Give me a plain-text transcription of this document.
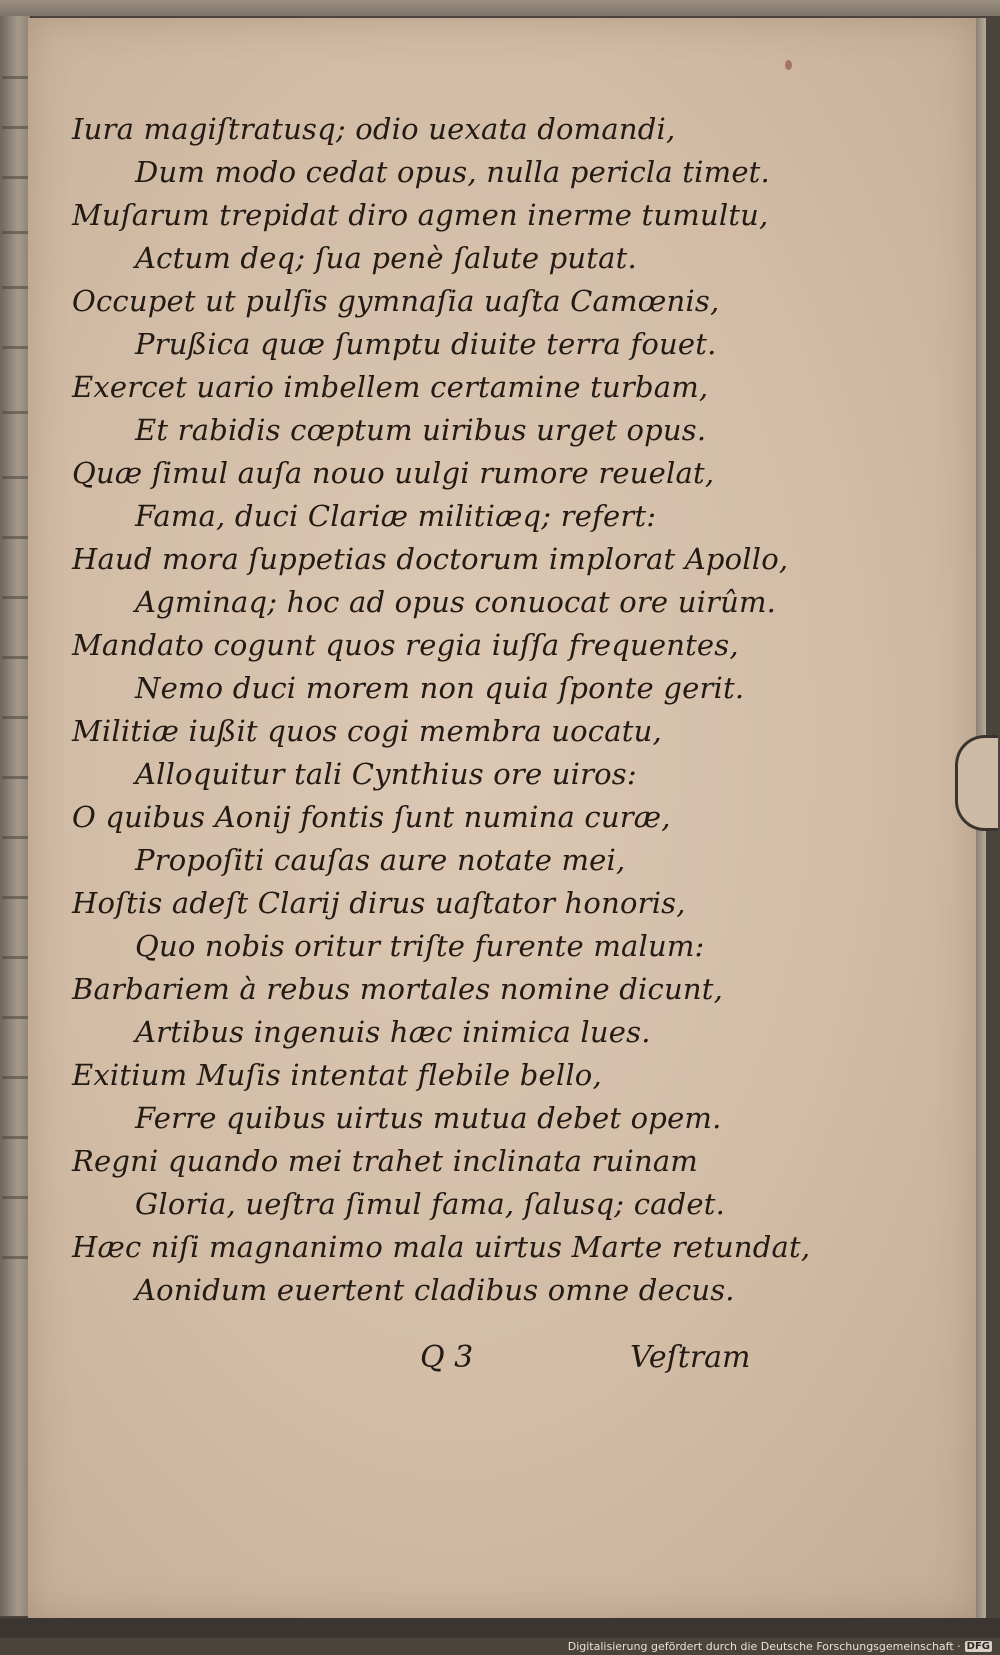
Iura magiſtratusq; odio uexata domandi,
Dum modo cedat opus, nulla pericla timet.
Muſarum trepidat diro agmen inerme tumultu,
Actum deq; ſua penè ſalute putat.
Occupet ut pulſis gymnaſia uaſta Camœnis,
Prußica quæ ſumptu diuite terra fouet.
Exercet uario imbellem certamine turbam,
Et rabidis cœptum uiribus urget opus.
Quæ ſimul auſa nouo uulgi rumore reuelat,
Fama, duci Clariæ militiæq; refert:
Haud mora ſuppetias doctorum implorat Apollo,
Agminaq; hoc ad opus conuocat ore uirûm.
Mandato cogunt quos regia iuſſa frequentes,
Nemo duci morem non quia ſponte gerit.
Militiæ iußit quos cogi membra uocatu,
Alloquitur tali Cynthius ore uiros:
O quibus Aonij fontis ſunt numina curæ,
Propoſiti cauſas aure notate mei,
Hoſtis adeſt Clarij dirus uaſtator honoris,
Quo nobis oritur triſte furente malum:
Barbariem à rebus mortales nomine dicunt,
Artibus ingenuis hæc inimica lues.
Exitium Muſis intentat flebile bello,
Ferre quibus uirtus mutua debet opem.
Regni quando mei trahet inclinata ruinam
Gloria, ueſtra ſimul fama, ſalusq; cadet.
Hæc niſi magnanimo mala uirtus Marte retundat,
Aonidum euertent cladibus omne decus.
Q 3	Veſtram
Digitalisierung gefördert durch die Deutsche Forschungsgemeinschaft · DFG
